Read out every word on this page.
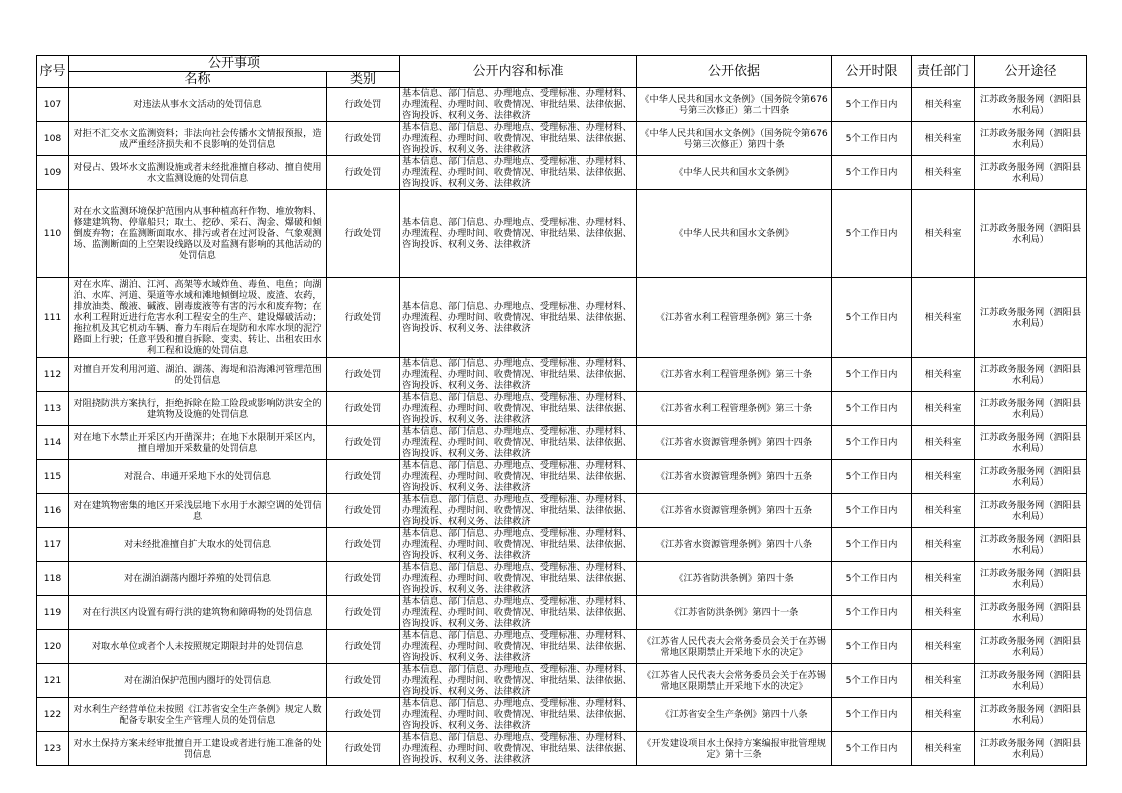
序号	公开事项		公开内容和标准	公开依据	公开时限	责任部门	公开途径
	名称	类别					

107	对违法从事水文活动的处罚信息	行政处罚	基本信息、部门信息、办理地点、受理标准、办理材料、办理流程、办理时间、收费情况、审批结果、法律依据、咨询投诉、权利义务、法律救济	《中华人民共和国水文条例》（国务院令第676号第三次修正）第二十四条	5个工作日内	相关科室	江苏政务服务网（泗阳县水利局）

108	对拒不汇交水文监测资料；非法向社会传播水文情报预报，造成严重经济损失和不良影响的处罚信息	行政处罚	基本信息、部门信息、办理地点、受理标准、办理材料、办理流程、办理时间、收费情况、审批结果、法律依据、咨询投诉、权利义务、法律救济	《中华人民共和国水文条例》（国务院令第676号第三次修正）第四十条	5个工作日内	相关科室	江苏政务服务网（泗阳县水利局）

109	对侵占、毁坏水文监测设施或者未经批准擅自移动、擅自使用水文监测设施的处罚信息	行政处罚	基本信息、部门信息、办理地点、受理标准、办理材料、办理流程、办理时间、收费情况、审批结果、法律依据、咨询投诉、权利义务、法律救济	《中华人民共和国水文条例》	5个工作日内	相关科室	江苏政务服务网（泗阳县水利局）

110	对在水文监测环境保护范围内从事种植高秆作物、堆放物料、修建建筑物、停靠船只；取土、挖砂、采石、淘金、爆破和倾倒废弃物；在监测断面取水、排污或者在过河设备、气象观测场、监测断面的上空架设线路以及对监测有影响的其他活动的处罚信息	行政处罚	基本信息、部门信息、办理地点、受理标准、办理材料、办理流程、办理时间、收费情况、审批结果、法律依据、咨询投诉、权利义务、法律救济	《中华人民共和国水文条例》	5个工作日内	相关科室	江苏政务服务网（泗阳县水利局）

111	对在水库、湖泊、江河、高架等水域炸鱼、毒鱼、电鱼；向湖泊、水库、河道、渠道等水域和滩地倾倒垃圾、废渣、农药，排放油类、酸液、碱液、剧毒废液等有害的污水和废弃物；在水利工程附近进行危害水利工程安全的生产、建设爆破活动；拖拉机及其它机动车辆、畜力车雨后在堤防和水库水坝的泥泞路面上行驶；任意平毁和擅自拆除、变卖、转让、出租农田水利工程和设施的处罚信息	行政处罚	基本信息、部门信息、办理地点、受理标准、办理材料、办理流程、办理时间、收费情况、审批结果、法律依据、咨询投诉、权利义务、法律救济	《江苏省水利工程管理条例》第三十条	5个工作日内	相关科室	江苏政务服务网（泗阳县水利局）

112	对擅自开发利用河道、湖泊、湖荡、海堤和沿海滩河管理范围的处罚信息	行政处罚	基本信息、部门信息、办理地点、受理标准、办理材料、办理流程、办理时间、收费情况、审批结果、法律依据、咨询投诉、权利义务、法律救济	《江苏省水利工程管理条例》第三十条	5个工作日内	相关科室	江苏政务服务网（泗阳县水利局）

113	对阻挠防洪方案执行，拒绝拆除在险工险段或影响防洪安全的建筑物及设施的处罚信息	行政处罚	基本信息、部门信息、办理地点、受理标准、办理材料、办理流程、办理时间、收费情况、审批结果、法律依据、咨询投诉、权利义务、法律救济	《江苏省水利工程管理条例》第三十条	5个工作日内	相关科室	江苏政务服务网（泗阳县水利局）

114	对在地下水禁止开采区内开凿深井；在地下水限制开采区内，擅自增加开采数量的处罚信息	行政处罚	基本信息、部门信息、办理地点、受理标准、办理材料、办理流程、办理时间、收费情况、审批结果、法律依据、咨询投诉、权利义务、法律救济	《江苏省水资源管理条例》第四十四条	5个工作日内	相关科室	江苏政务服务网（泗阳县水利局）

115	对混合、串通开采地下水的处罚信息	行政处罚	基本信息、部门信息、办理地点、受理标准、办理材料、办理流程、办理时间、收费情况、审批结果、法律依据、咨询投诉、权利义务、法律救济	《江苏省水资源管理条例》第四十五条	5个工作日内	相关科室	江苏政务服务网（泗阳县水利局）

116	对在建筑物密集的地区开采浅层地下水用于水源空调的处罚信息	行政处罚	基本信息、部门信息、办理地点、受理标准、办理材料、办理流程、办理时间、收费情况、审批结果、法律依据、咨询投诉、权利义务、法律救济	《江苏省水资源管理条例》第四十五条	5个工作日内	相关科室	江苏政务服务网（泗阳县水利局）

117	对未经批准擅自扩大取水的处罚信息	行政处罚	基本信息、部门信息、办理地点、受理标准、办理材料、办理流程、办理时间、收费情况、审批结果、法律依据、咨询投诉、权利义务、法律救济	《江苏省水资源管理条例》第四十八条	5个工作日内	相关科室	江苏政务服务网（泗阳县水利局）

118	对在湖泊湖荡内圈圩养殖的处罚信息	行政处罚	基本信息、部门信息、办理地点、受理标准、办理材料、办理流程、办理时间、收费情况、审批结果、法律依据、咨询投诉、权利义务、法律救济	《江苏省防洪条例》第四十条	5个工作日内	相关科室	江苏政务服务网（泗阳县水利局）

119	对在行洪区内设置有碍行洪的建筑物和障碍物的处罚信息	行政处罚	基本信息、部门信息、办理地点、受理标准、办理材料、办理流程、办理时间、收费情况、审批结果、法律依据、咨询投诉、权利义务、法律救济	《江苏省防洪条例》第四十一条	5个工作日内	相关科室	江苏政务服务网（泗阳县水利局）

120	对取水单位或者个人未按照规定期限封井的处罚信息	行政处罚	基本信息、部门信息、办理地点、受理标准、办理材料、办理流程、办理时间、收费情况、审批结果、法律依据、咨询投诉、权利义务、法律救济	《江苏省人民代表大会常务委员会关于在苏锡常地区限期禁止开采地下水的决定》	5个工作日内	相关科室	江苏政务服务网（泗阳县水利局）

121	对在湖泊保护范围内圈圩的处罚信息	行政处罚	基本信息、部门信息、办理地点、受理标准、办理材料、办理流程、办理时间、收费情况、审批结果、法律依据、咨询投诉、权利义务、法律救济	《江苏省人民代表大会常务委员会关于在苏锡常地区限期禁止开采地下水的决定》	5个工作日内	相关科室	江苏政务服务网（泗阳县水利局）

122	对水利生产经营单位未按照《江苏省安全生产条例》规定人数配备专职安全生产管理人员的处罚信息	行政处罚	基本信息、部门信息、办理地点、受理标准、办理材料、办理流程、办理时间、收费情况、审批结果、法律依据、咨询投诉、权利义务、法律救济	《江苏省安全生产条例》第四十八条	5个工作日内	相关科室	江苏政务服务网（泗阳县水利局）

123	对水土保持方案未经审批擅自开工建设或者进行施工准备的处罚信息	行政处罚	基本信息、部门信息、办理地点、受理标准、办理材料、办理流程、办理时间、收费情况、审批结果、法律依据、咨询投诉、权利义务、法律救济	《开发建设项目水土保持方案编报审批管理规定》第十三条	5个工作日内	相关科室	江苏政务服务网（泗阳县水利局）
